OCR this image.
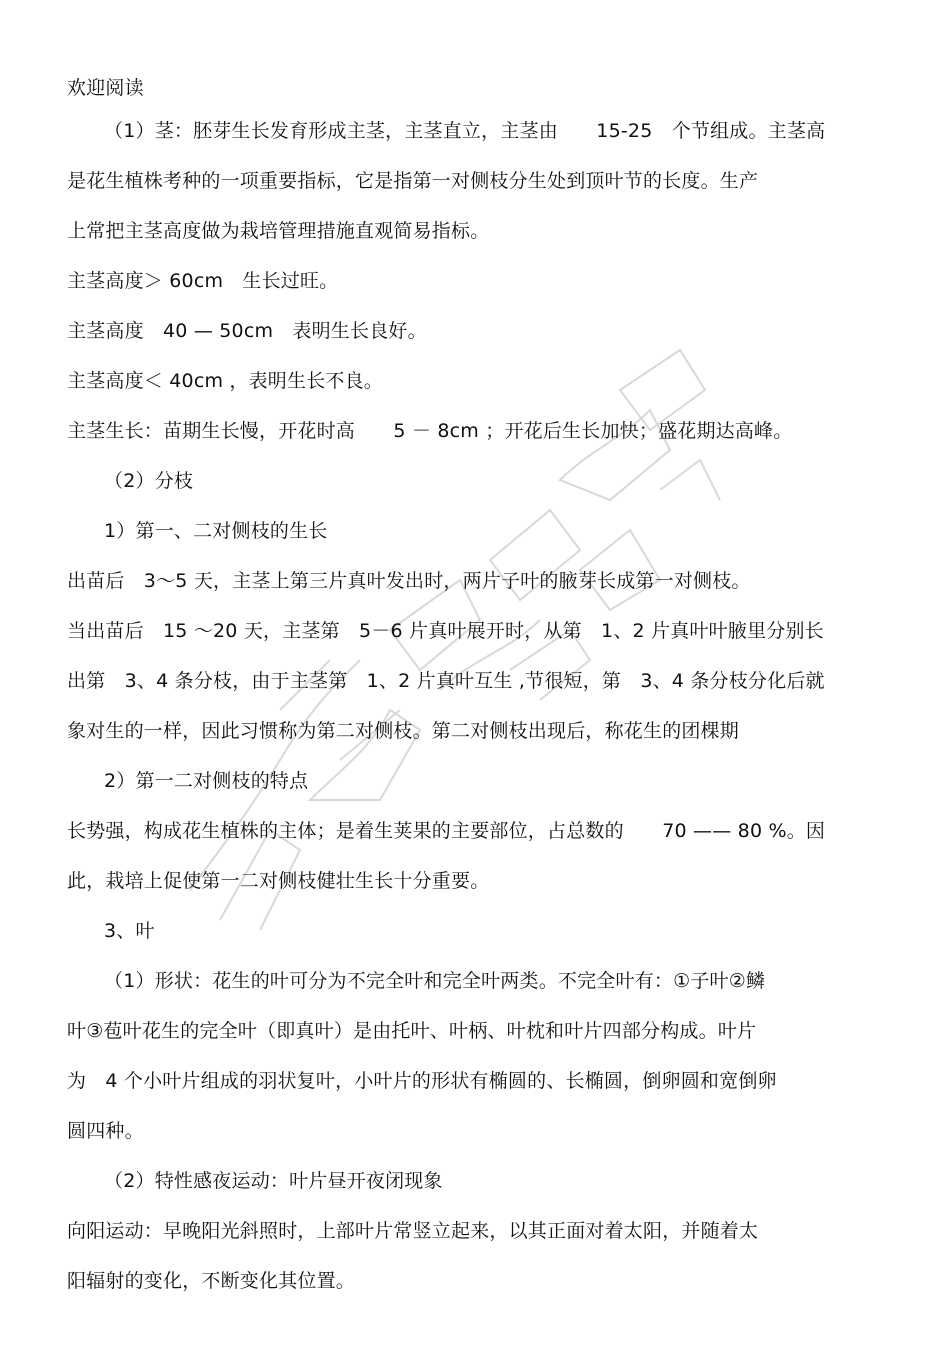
欢迎阅读
（1）茎：胚芽生长发育形成主茎，主茎直立，主茎由　　15-25　个节组成。主茎高
是花生植株考种的一项重要指标，它是指第一对侧枝分生处到顶叶节的长度。生产
上常把主茎高度做为栽培管理措施直观简易指标。
主茎高度＞ 60cm　生长过旺。
主茎高度　40 — 50cm　表明生长良好。
主茎高度＜ 40cm ，表明生长不良。
主茎生长：苗期生长慢，开花时高　　5 － 8cm ；开花后生长加快；盛花期达高峰。
（2）分枝
1）第一、二对侧枝的生长
出苗后　3～5 天，主茎上第三片真叶发出时，两片子叶的腋芽长成第一对侧枝。
当出苗后　15 ～20 天，主茎第　5－6 片真叶展开时，从第　1、2 片真叶叶腋里分别长
出第　3、4 条分枝，由于主茎第　1、2 片真叶互生 ,节很短，第　3、4 条分枝分化后就
象对生的一样，因此习惯称为第二对侧枝。第二对侧枝出现后，称花生的团棵期
2）第一二对侧枝的特点
长势强，构成花生植株的主体；是着生荚果的主要部位，占总数的　　70 —— 80 %。因
此，栽培上促使第一二对侧枝健壮生长十分重要。
3、叶
（1）形状：花生的叶可分为不完全叶和完全叶两类。不完全叶有：①子叶②鳞
叶③苞叶花生的完全叶（即真叶）是由托叶、叶柄、叶枕和叶片四部分构成。叶片
为　4 个小叶片组成的羽状复叶，小叶片的形状有椭圆的、长椭圆，倒卵圆和宽倒卵
圆四种。
（2）特性感夜运动：叶片昼开夜闭现象
向阳运动：早晚阳光斜照时，上部叶片常竖立起来，以其正面对着太阳，并随着太
阳辐射的变化，不断变化其位置。
